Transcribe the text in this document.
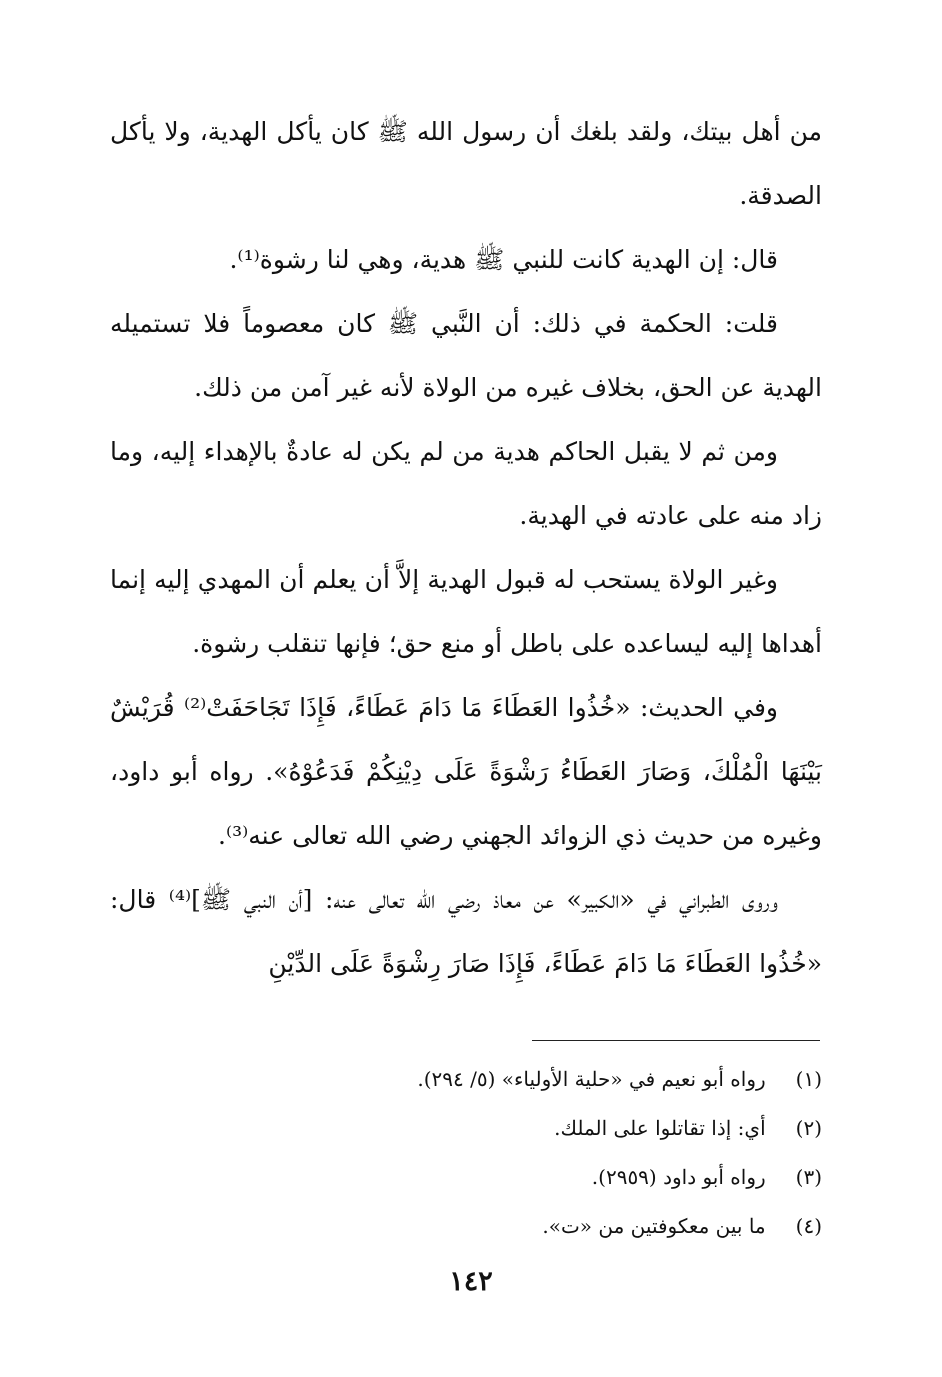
من أهل بيتك، ولقد بلغك أن رسول الله ﷺ كان يأكل الهدية، ولا يأكل الصدقة.

قال: إن الهدية كانت للنبي ﷺ هدية، وهي لنا رشوة⁽¹⁾.

قلت: الحكمة في ذلك: أن النَّبي ﷺ كان معصوماً فلا تستميله الهدية عن الحق، بخلاف غيره من الولاة لأنه غير آمن من ذلك.

ومن ثم لا يقبل الحاكم هدية من لم يكن له عادةٌ بالإهداء إليه، وما زاد منه على عادته في الهدية.

وغير الولاة يستحب له قبول الهدية إلاَّ أن يعلم أن المهدي إليه إنما أهداها إليه ليساعده على باطل أو منع حق؛ فإنها تنقلب رشوة.

وفي الحديث: «خُذُوا العَطَاءَ مَا دَامَ عَطَاءً، فَإِذَا تَجَاحَفَتْ⁽²⁾ قُرَيْشٌ بَيْنَهَا الْمُلْكَ، وَصَارَ العَطَاءُ رَشْوَةً عَلَى دِيْنِكُمْ فَدَعُوْهُ». رواه أبو داود، وغيره من حديث ذي الزوائد الجهني رضي الله تعالى عنه⁽³⁾.

وروى الطبراني في «الكبير» عن معاذ رضي الله تعالى عنه: [أن النبي ﷺ]⁽⁴⁾ قال: «خُذُوا العَطَاءَ مَا دَامَ عَطَاءً، فَإِذَا صَارَ رِشْوَةً عَلَى الدِّيْنِ

(١) رواه أبو نعيم في «حلية الأولياء» (٥/ ٢٩٤).
(٢) أي: إذا تقاتلوا على الملك.
(٣) رواه أبو داود (٢٩٥٩).
(٤) ما بين معكوفتين من «ت».
١٤٢
